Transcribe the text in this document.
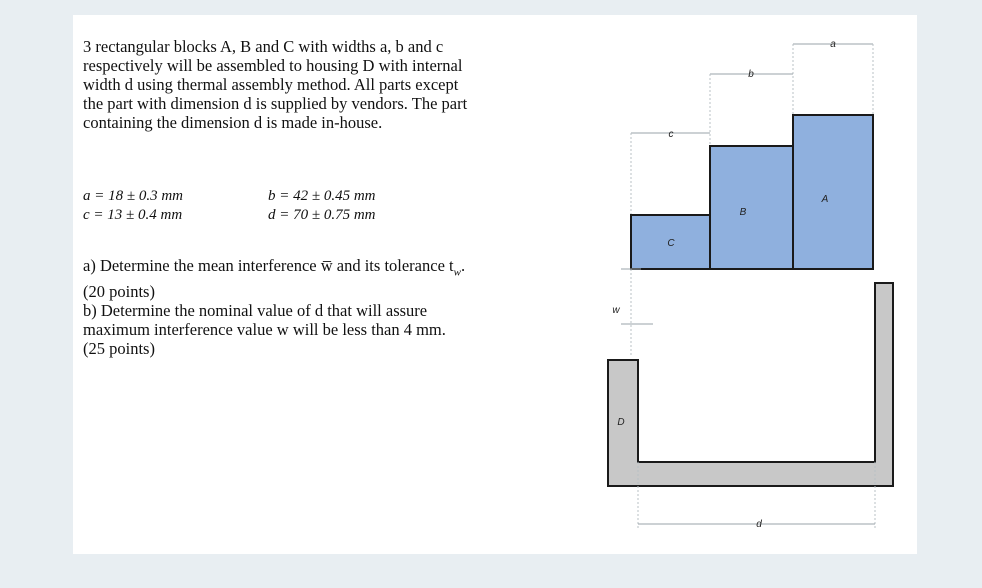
3 rectangular blocks A, B and C with widths a, b and c

respectively will be assembled to housing D with internal

width d using thermal assembly method. All parts except

the part with dimension d is supplied by vendors. The part

containing the dimension d is made in-house.

a = 18 ± 0.3 mm	b = 42 ± 0.45 mm
c = 13 ± 0.4 mm	d = 70 ± 0.75 mm

a) Determine the mean interference w̅ and its tolerance $t_w$.

(20 points)

b) Determine the nominal value of d that will assure

maximum interference value w will be less than 4 mm.

(25 points)

a
b
c
C
B
A
w
D
d
